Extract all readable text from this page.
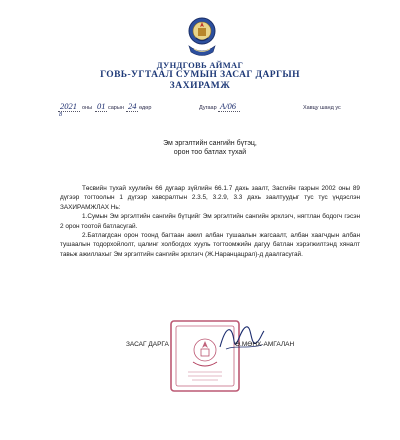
ДУНДГОВЬ АЙМАГ
ГОВЬ-УГТААЛ СУМЫН ЗАСАГ ДАРГЫН
ЗАХИРАМЖ
2021 оны 01 сарын 24 өдөр	Дугаар А/06	Хавцу шанд ус
8
Эм эргэлтийн сангийн бүтэц,
орон тоо батлах тухай

Төсвийн тухай хуулийн 66 дугаар зүйлийн 66.1.7 дахь заалт, Засгийн газрын 2002 оны 89 дүгээр тогтоолын 1 дүгээр хавсралтын 2.3.5, 3.2.9, 3.3 дахь заалтуудыг тус тус үндэслэн ЗАХИРАМЖЛАХ Нь:

1.Сумын Эм эргэлтийн сангийн бүтцийг Эм эргэлтийн сангийн эрхлэгч, нягтлан бодогч гэсэн 2 орон тоотой батласугай.

2.Батлагдсан орон тоонд багтаан ажил албан тушаалын жагсаалт, албан хаагчдын албан тушаалын тодорхойлолт, цалинг холбогдох хууль тогтоомжийн дагуу батлан хэрэгжилтэнд хяналт тавьж ажиллахыг Эм эргэлтийн сангийн эрхлэгч (Ж.Наранцацрал)-д даалгасугай.

ЗАСАГ ДАРГА	Ө.МӨНХ-АМГАЛАН
